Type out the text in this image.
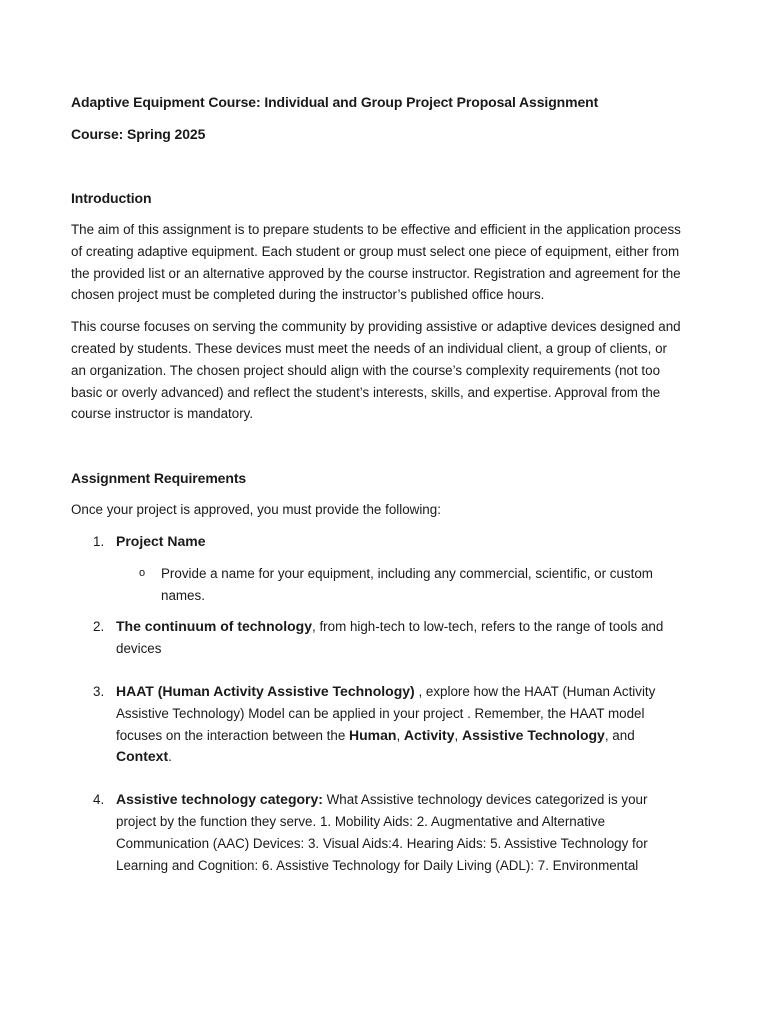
Adaptive Equipment Course: Individual and Group Project Proposal Assignment

Course: Spring 2025

Introduction

The aim of this assignment is to prepare students to be effective and efficient in the application process of creating adaptive equipment. Each student or group must select one piece of equipment, either from the provided list or an alternative approved by the course instructor. Registration and agreement for the chosen project must be completed during the instructor’s published office hours.

This course focuses on serving the community by providing assistive or adaptive devices designed and created by students. These devices must meet the needs of an individual client, a group of clients, or an organization. The chosen project should align with the course’s complexity requirements (not too basic or overly advanced) and reflect the student’s interests, skills, and expertise. Approval from the course instructor is mandatory.

Assignment Requirements

Once your project is approved, you must provide the following:

1. Project Name
o Provide a name for your equipment, including any commercial, scientific, or custom names.
2. The continuum of technology, from high-tech to low-tech, refers to the range of tools and devices
3. HAAT (Human Activity Assistive Technology) , explore how the HAAT (Human Activity Assistive Technology) Model can be applied in your project . Remember, the HAAT model focuses on the interaction between the Human, Activity, Assistive Technology, and Context.
4. Assistive technology category: What Assistive technology devices categorized is your project by the function they serve. 1. Mobility Aids: 2. Augmentative and Alternative Communication (AAC) Devices: 3. Visual Aids:4. Hearing Aids: 5. Assistive Technology for Learning and Cognition: 6. Assistive Technology for Daily Living (ADL): 7. Environmental
